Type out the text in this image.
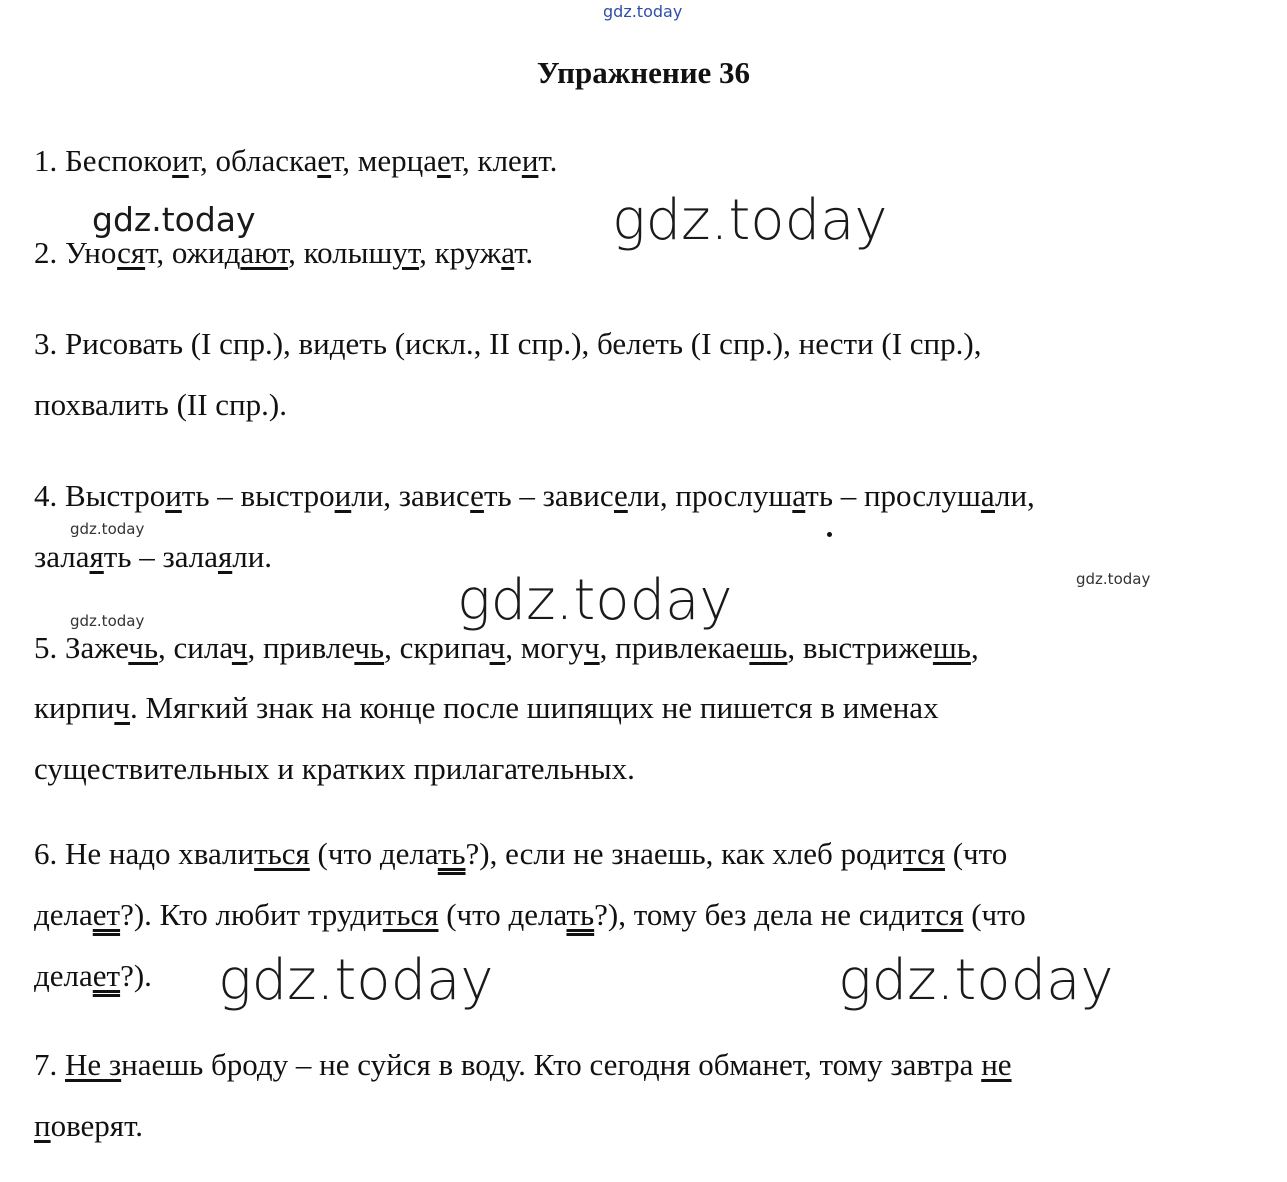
gdz.today
Упражнение 36
1. Беспокоит, обласкает, мерцает, клеит.
gdz.today	gdz.today
2. Уносят, ожидают, колышут, кружат.
3. Рисовать (I спр.), видеть (искл., II спр.), белеть (I спр.), нести (I спр.),
похвалить (II спр.).
4. Выстроить – выстроили, зависеть – зависели, прослушать – прослушали,
gdz.today
залaять – залаяли.
gdz.today
gdz.today
gdz.today
5. Зажечь, силач, привлечь, скрипач, могуч, привлекаешь, выстрижешь,
кирпич. Мягкий знак на конце после шипящих не пишется в именах
существительных и кратких прилагательных.
6. Не надо хвалиться (что делать?), если не знаешь, как хлеб родится (что
делает?). Кто любит трудиться (что делать?), тому без дела не сидится (что
делает?). gdz.today	gdz.today
7. Не знаешь броду – не суйся в воду. Кто сегодня обманет, тому завтра не
поверят.
